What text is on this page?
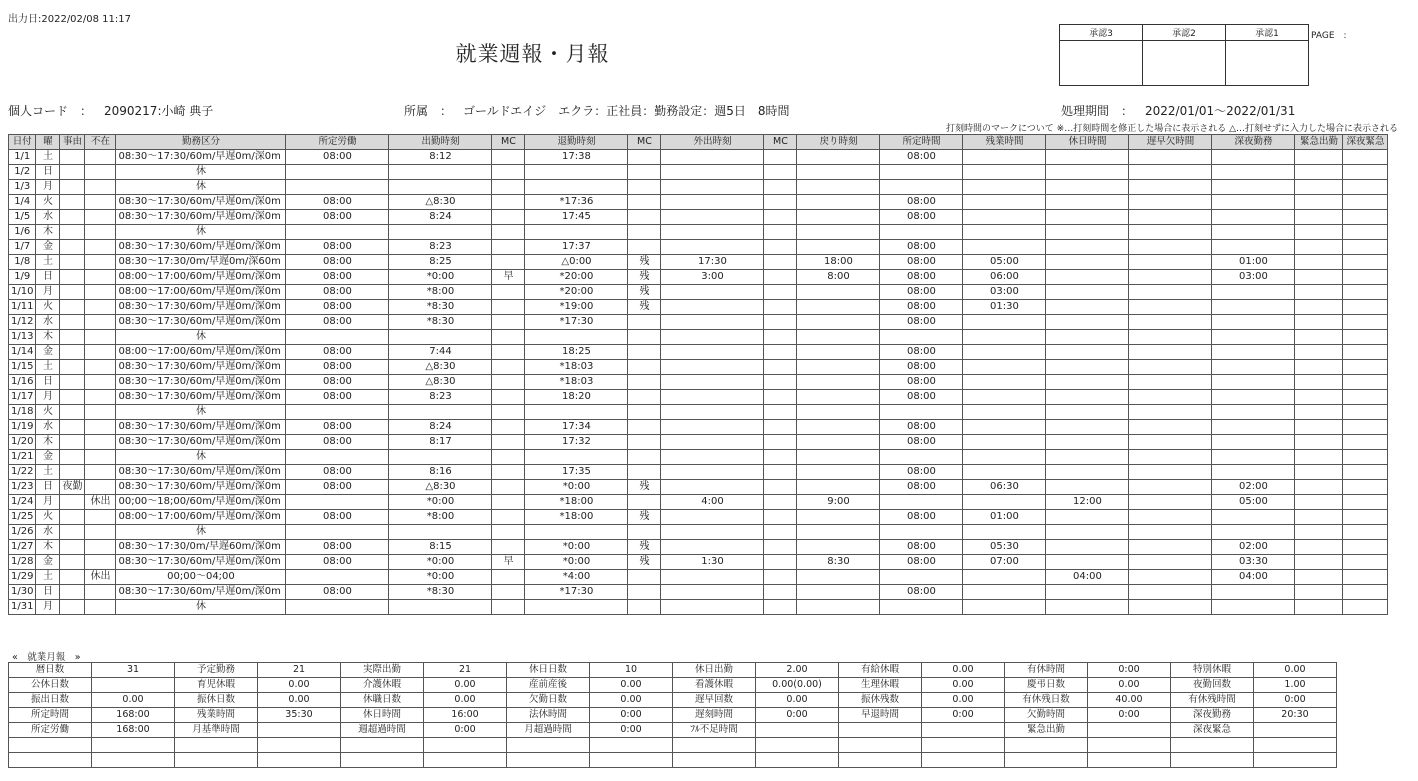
出力日:2022/02/08 11:17
就業週報・月報
承認3	承認2	承認1
			PAGE　:
個人コード　： 2090217:小崎 典子	所属　： ゴールドエイジ　エクラ：正社員：勤務設定：週5日　8時間	処理期間　： 2022/01/01～2022/01/31
打刻時間のマークについて ※…打刻時間を修正した場合に表示される △…打刻せずに入力した場合に表示される
日付	曜	事由	不在	勤務区分	所定労働	出勤時刻	MC	退勤時刻	MC	外出時刻	MC	戻り時刻	所定時間	残業時間	休日時間	遅早欠時間	深夜勤務	緊急出勤	深夜緊急
1/1	土			08:30～17:30/60m/早遅0m/深0m	08:00	8:12		17:38					08:00						
1/2	日			休															
1/3	月			休															
1/4	火			08:30～17:30/60m/早遅0m/深0m	08:00	△8:30		*17:36					08:00						
1/5	水			08:30～17:30/60m/早遅0m/深0m	08:00	8:24		17:45					08:00						
1/6	木			休															
1/7	金			08:30～17:30/60m/早遅0m/深0m	08:00	8:23		17:37					08:00						
1/8	土			08:30～17:30/0m/早遅0m/深60m	08:00	8:25		△0:00	残	17:30		18:00	08:00	05:00			01:00		
1/9	日			08:00～17:00/60m/早遅0m/深0m	08:00	*0:00	早	*20:00	残	3:00		8:00	08:00	06:00			03:00		
1/10	月			08:00～17:00/60m/早遅0m/深0m	08:00	*8:00		*20:00	残				08:00	03:00					
1/11	火			08:30～17:30/60m/早遅0m/深0m	08:00	*8:30		*19:00	残				08:00	01:30					
1/12	水			08:30～17:30/60m/早遅0m/深0m	08:00	*8:30		*17:30					08:00						
1/13	木			休															
1/14	金			08:00～17:00/60m/早遅0m/深0m	08:00	7:44		18:25					08:00						
1/15	土			08:30～17:30/60m/早遅0m/深0m	08:00	△8:30		*18:03					08:00						
1/16	日			08:30～17:30/60m/早遅0m/深0m	08:00	△8:30		*18:03					08:00						
1/17	月			08:30～17:30/60m/早遅0m/深0m	08:00	8:23		18:20					08:00						
1/18	火			休															
1/19	水			08:30～17:30/60m/早遅0m/深0m	08:00	8:24		17:34					08:00						
1/20	木			08:30～17:30/60m/早遅0m/深0m	08:00	8:17		17:32					08:00						
1/21	金			休															
1/22	土			08:30～17:30/60m/早遅0m/深0m	08:00	8:16		17:35					08:00						
1/23	日	夜勤		08:30～17:30/60m/早遅0m/深0m	08:00	△8:30		*0:00	残				08:00	06:30			02:00		
1/24	月		休出	00;00～18;00/60m/早遅0m/深0m		*0:00		*18:00		4:00		9:00			12:00		05:00		
1/25	火			08:00～17:00/60m/早遅0m/深0m	08:00	*8:00		*18:00	残				08:00	01:00					
1/26	水			休															
1/27	木			08:30～17:30/0m/早遅60m/深0m	08:00	8:15		*0:00	残				08:00	05:30			02:00		
1/28	金			08:30～17:30/60m/早遅0m/深0m	08:00	*0:00	早	*0:00	残	1:30		8:30	08:00	07:00			03:30		
1/29	土		休出	00;00～04;00		*0:00		*4:00							04:00		04:00		
1/30	日			08:30～17:30/60m/早遅0m/深0m	08:00	*8:30		*17:30					08:00						
1/31	月			休															
«　就業月報　»
暦日数	31	予定勤務	21	実際出勤	21	休日日数	10	休日出勤	2.00	有給休暇	0.00	有休時間	0:00	特別休暇	0.00
公休日数		育児休暇	0.00	介護休暇	0.00	産前産後	0.00	看護休暇	0.00(0.00)	生理休暇	0.00	慶弔日数	0.00	夜勤回数	1.00
振出日数	0.00	振休日数	0.00	休職日数	0.00	欠勤日数	0.00	遅早回数	0.00	振休残数	0.00	有休残日数	40.00	有休残時間	0:00
所定時間	168:00	残業時間	35:30	休日時間	16:00	法休時間	0:00	遅刻時間	0:00	早退時間	0:00	欠勤時間	0:00	深夜勤務	20:30
所定労働	168:00	月基準時間		週超過時間	0:00	月超過時間	0:00	ﾌﾙ不足時間				緊急出勤		深夜緊急	
